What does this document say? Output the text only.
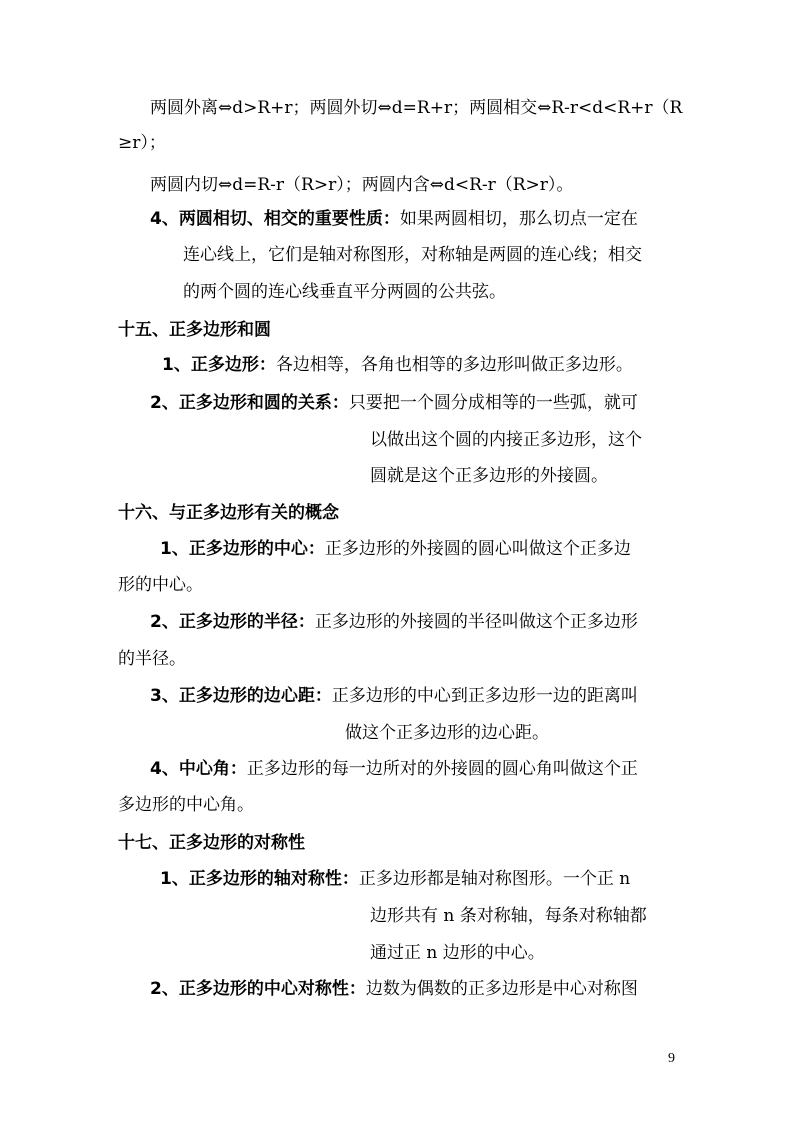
两圆外离⇔d>R+r；两圆外切⇔d=R+r；两圆相交⇔R-r<d<R+r（R
≥r）；
两圆内切⇔d=R-r（R>r）；两圆内含⇔d<R-r（R>r）。
4、两圆相切、相交的重要性质：如果两圆相切，那么切点一定在
连心线上，它们是轴对称图形，对称轴是两圆的连心线；相交
的两个圆的连心线垂直平分两圆的公共弦。
十五、正多边形和圆
1、正多边形：各边相等，各角也相等的多边形叫做正多边形。
2、正多边形和圆的关系：只要把一个圆分成相等的一些弧，就可
以做出这个圆的内接正多边形，这个
圆就是这个正多边形的外接圆。
十六、与正多边形有关的概念
1、正多边形的中心：正多边形的外接圆的圆心叫做这个正多边
形的中心。
2、正多边形的半径：正多边形的外接圆的半径叫做这个正多边形
的半径。
3、正多边形的边心距：正多边形的中心到正多边形一边的距离叫
做这个正多边形的边心距。
4、中心角：正多边形的每一边所对的外接圆的圆心角叫做这个正
多边形的中心角。
十七、正多边形的对称性
1、正多边形的轴对称性：正多边形都是轴对称图形。一个正 n
边形共有 n 条对称轴，每条对称轴都
通过正 n 边形的中心。
2、正多边形的中心对称性：边数为偶数的正多边形是中心对称图
9
